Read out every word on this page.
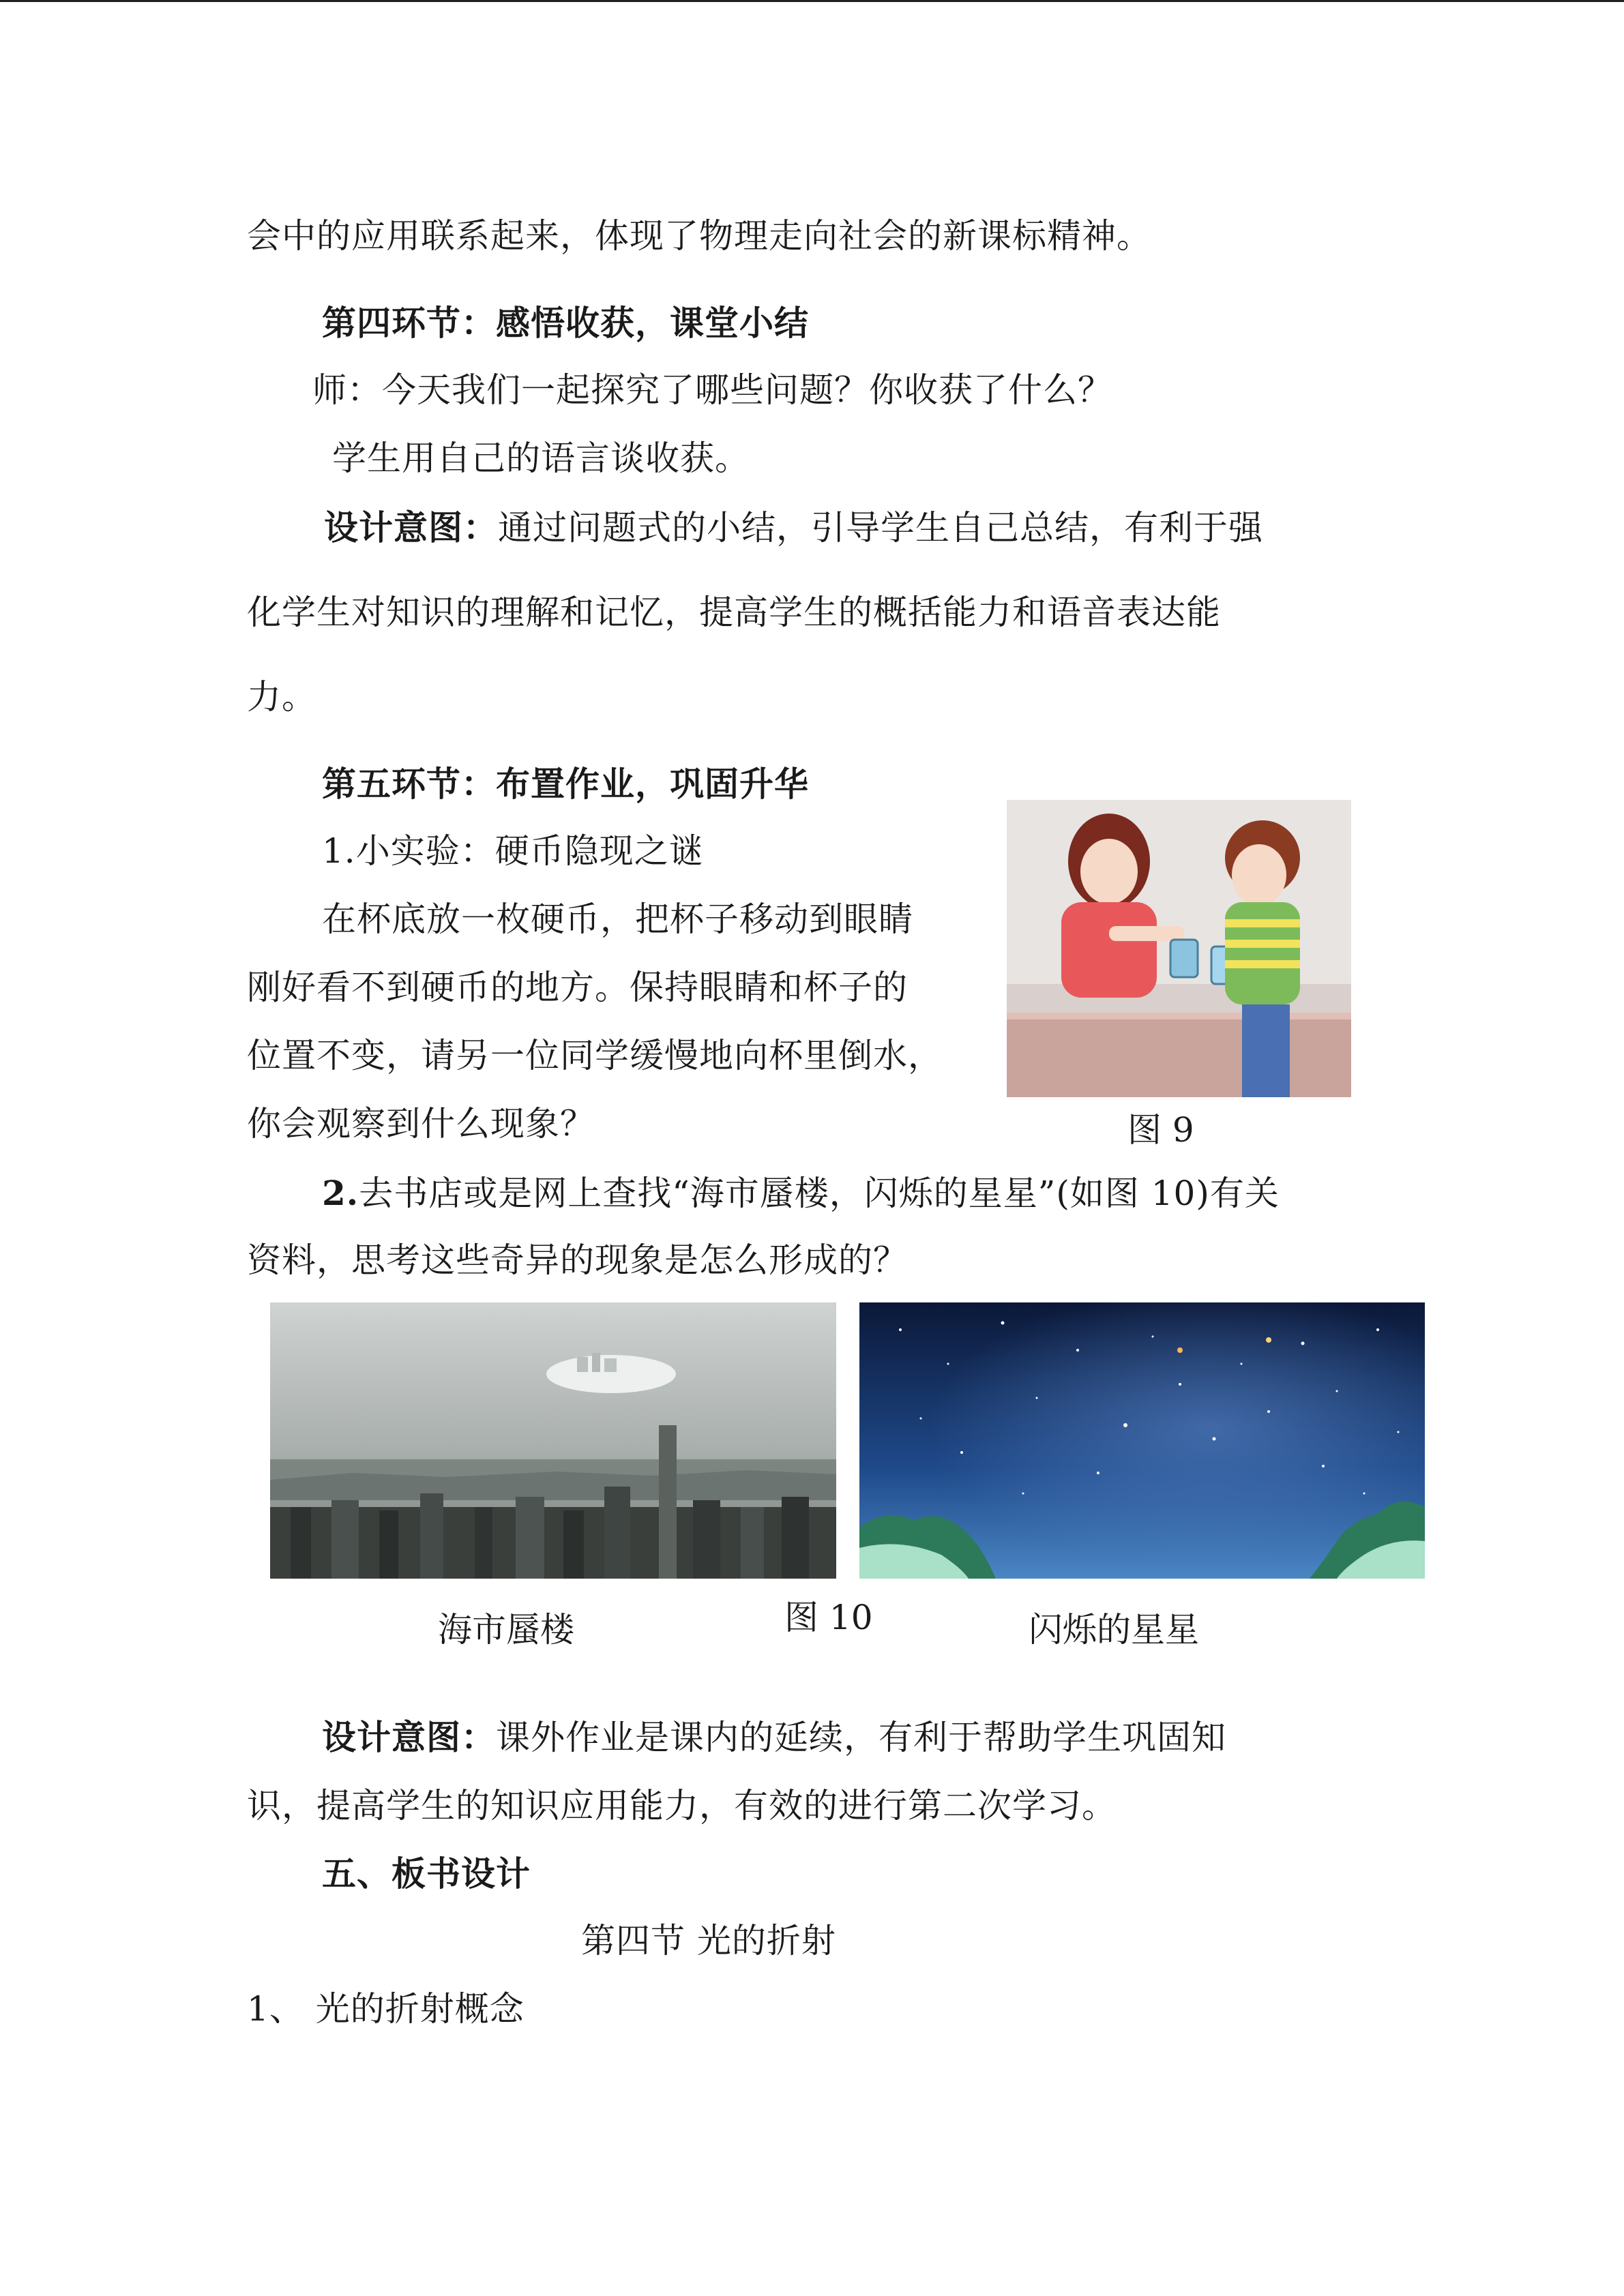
会中的应用联系起来，体现了物理走向社会的新课标精神。
第四环节：感悟收获，课堂小结
师：今天我们一起探究了哪些问题？你收获了什么？
学生用自己的语言谈收获。
设计意图：通过问题式的小结，引导学生自己总结，有利于强
化学生对知识的理解和记忆，提高学生的概括能力和语音表达能
力。
第五环节：布置作业，巩固升华
1.小实验：硬币隐现之谜
在杯底放一枚硬币，把杯子移动到眼睛
刚好看不到硬币的地方。保持眼睛和杯子的
位置不变，请另一位同学缓慢地向杯里倒水，
你会观察到什么现象？	图 9
2.去书店或是网上查找“海市蜃楼，闪烁的星星”(如图 10)有关
资料，思考这些奇异的现象是怎么形成的？
海市蜃楼	图 10	闪烁的星星
设计意图：课外作业是课内的延续，有利于帮助学生巩固知
识，提高学生的知识应用能力，有效的进行第二次学习。
五、板书设计
第四节 光的折射
1、 光的折射概念
